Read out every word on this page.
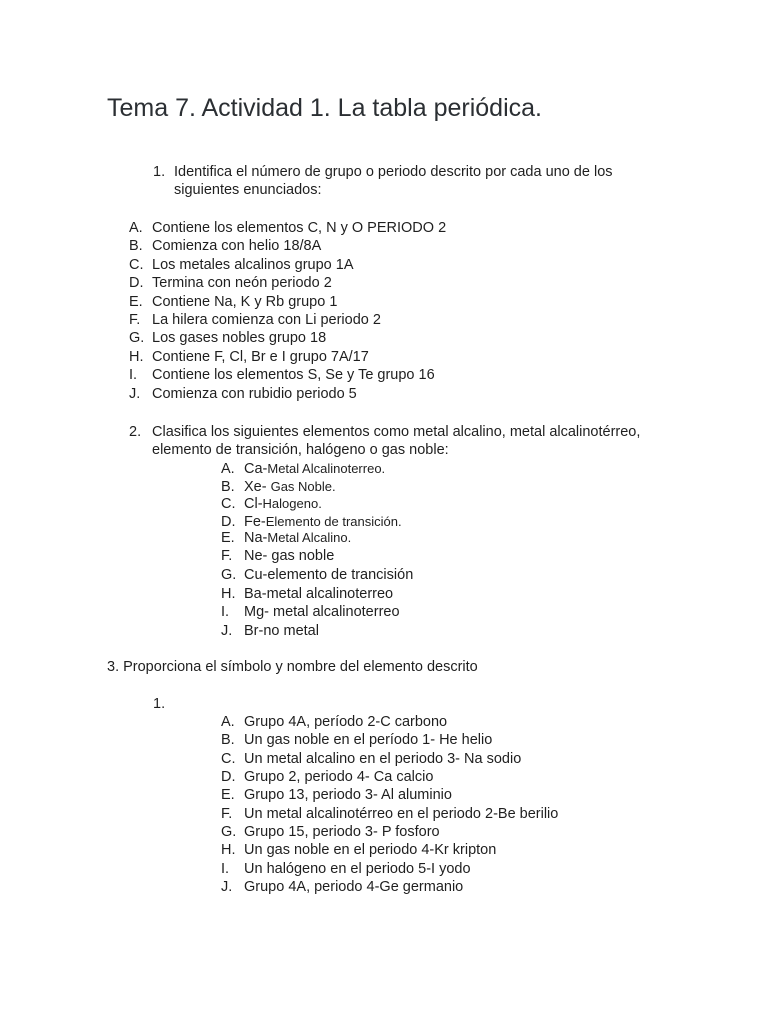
Tema 7. Actividad 1. La tabla periódica.
1. Identifica el número de grupo o periodo descrito por cada uno de los
siguientes enunciados:
A. Contiene los elementos C, N y O PERIODO 2
B. Comienza con helio 18/8A
C. Los metales alcalinos grupo 1A
D. Termina con neón periodo 2
E. Contiene Na, K y Rb grupo 1
F. La hilera comienza con Li periodo 2
G. Los gases nobles grupo 18
H. Contiene F, Cl, Br e I grupo 7A/17
I. Contiene los elementos S, Se y Te grupo 16
J. Comienza con rubidio periodo 5
2. Clasifica los siguientes elementos como metal alcalino, metal alcalinotérreo,
elemento de transición, halógeno o gas noble:
A. Ca-Metal Alcalinoterreo.
B. Xe- Gas Noble.
C. Cl-Halogeno.
D. Fe-Elemento de transición.
E. Na-Metal Alcalino.
F. Ne- gas noble
G. Cu-elemento de trancisión
H. Ba-metal alcalinoterreo
I. Mg- metal alcalinoterreo
J. Br-no metal
3. Proporciona el símbolo y nombre del elemento descrito
1.
A. Grupo 4A, período 2-C carbono
B. Un gas noble en el período 1- He helio
C. Un metal alcalino en el periodo 3- Na sodio
D. Grupo 2, periodo 4- Ca calcio
E. Grupo 13, periodo 3- Al aluminio
F. Un metal alcalinotérreo en el periodo 2-Be berilio
G. Grupo 15, periodo 3- P fosforo
H. Un gas noble en el periodo 4-Kr kripton
I. Un halógeno en el periodo 5-I yodo
J. Grupo 4A, periodo 4-Ge germanio
